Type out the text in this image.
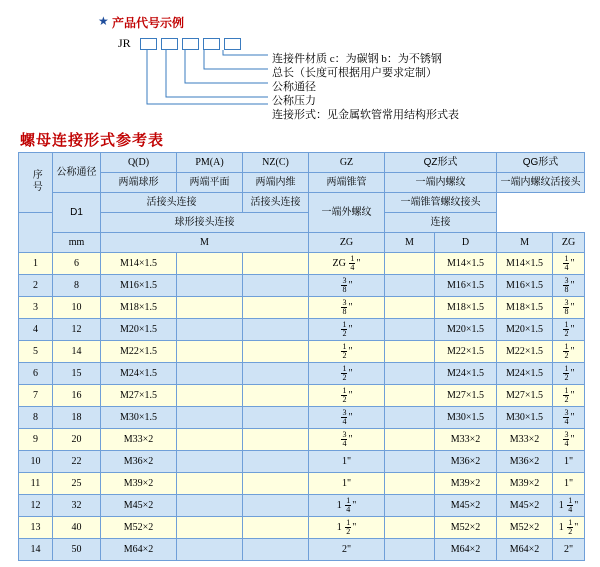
★ 产品代号示例
JR
连接件材质 c：为碳钢 b：为不锈钢
总长（长度可根据用户要求定制）
公称通径
公称压力
连接形式：见金属软管常用结构形式表
螺母连接形式参考表
序号	公称通径	Q(D)	PM(A)	NZ(C)	GZ	QZ形式		QG形式	
		两端球形	两端平面	两端内维	两端锥管	一端内螺纹		一端内螺纹活接头	
	D1	活接头连接		活接头连接	一端外螺纹	一端锥管螺纹接头			
		球形接头连接				连接			
	mm	M			ZG	M	D	M	ZG
1	6	M14×1.5			ZG $\frac{1}{4}$ "		M14×1.5	M14×1.5	$\frac{1}{4}$ "
2	8	M16×1.5			$\frac{3}{8}$ "		M16×1.5	M16×1.5	$\frac{3}{8}$ "
3	10	M18×1.5			$\frac{3}{8}$ "		M18×1.5	M18×1.5	$\frac{3}{8}$ "
4	12	M20×1.5			$\frac{1}{2}$ "		M20×1.5	M20×1.5	$\frac{1}{2}$ "
5	14	M22×1.5			$\frac{1}{2}$ "		M22×1.5	M22×1.5	$\frac{1}{2}$ "
6	15	M24×1.5			$\frac{1}{2}$ "		M24×1.5	M24×1.5	$\frac{1}{2}$ "
7	16	M27×1.5			$\frac{1}{2}$ "		M27×1.5	M27×1.5	$\frac{1}{2}$ "
8	18	M30×1.5			$\frac{3}{4}$ "		M30×1.5	M30×1.5	$\frac{3}{4}$ "
9	20	M33×2			$\frac{3}{4}$ "		M33×2	M33×2	$\frac{3}{4}$ "
10	22	M36×2			1"		M36×2	M36×2	1"
11	25	M39×2			1"		M39×2	M39×2	1"
12	32	M45×2			$1 \frac{1}{4}$ "		M45×2	M45×2	$1 \frac{1}{4}$ "
13	40	M52×2			$1 \frac{1}{2}$ "		M52×2	M52×2	$1 \frac{1}{2}$ "
14	50	M64×2			2"		M64×2	M64×2	2"
